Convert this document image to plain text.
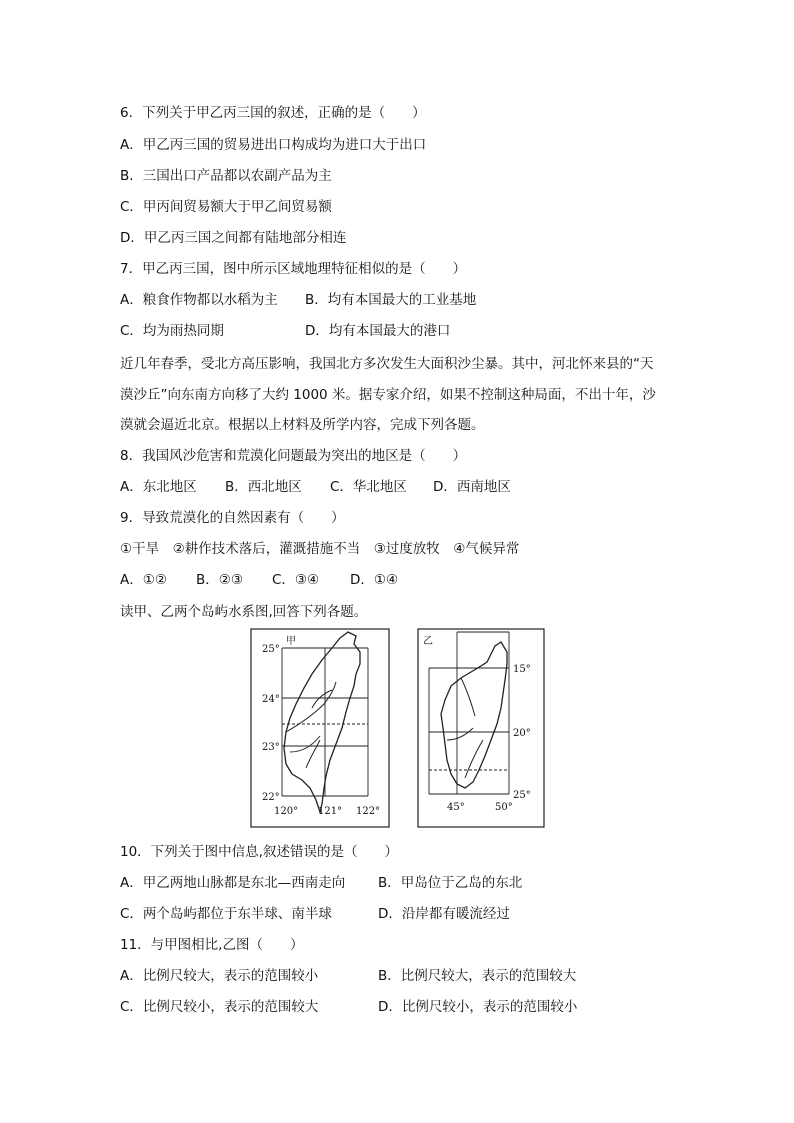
6．下列关于甲乙丙三国的叙述，正确的是（　　）
A．甲乙丙三国的贸易进出口构成均为进口大于出口
B．三国出口产品都以农副产品为主
C．甲丙间贸易额大于甲乙间贸易额
D．甲乙丙三国之间都有陆地部分相连
7．甲乙丙三国，图中所示区域地理特征相似的是（　　）
A．粮食作物都以水稻为主 B．均有本国最大的工业基地
C．均为雨热同期	D．均有本国最大的港口
近几年春季，受北方高压影响，我国北方多次发生大面积沙尘暴。其中，河北怀来县的“天
漠沙丘”向东南方向移了大约 1000 米。据专家介绍，如果不控制这种局面，不出十年，沙
漠就会逼近北京。根据以上材料及所学内容，完成下列各题。
8．我国风沙危害和荒漠化问题最为突出的地区是（　　）
A．东北地区 B．西北地区 C．华北地区 D．西南地区
9．导致荒漠化的自然因素有（　　）
①干旱　②耕作技术落后，灌溉措施不当　③过度放牧　④气候异常
A．①② B．②③ C．③④ D．①④
读甲、乙两个岛屿水系图,回答下列各题。
甲
25°
24°
23°
22°
120° 121° 122°
乙
15°
20°
25°
45°	50°
10．下列关于图中信息,叙述错误的是（　　）
A．甲乙两地山脉都是东北—西南走向 B．甲岛位于乙岛的东北
C．两个岛屿都位于东半球、南半球	D．沿岸都有暖流经过
11．与甲图相比,乙图（　　）
A．比例尺较大，表示的范围较小	B．比例尺较大，表示的范围较大
C．比例尺较小，表示的范围较大	D．比例尺较小，表示的范围较小
